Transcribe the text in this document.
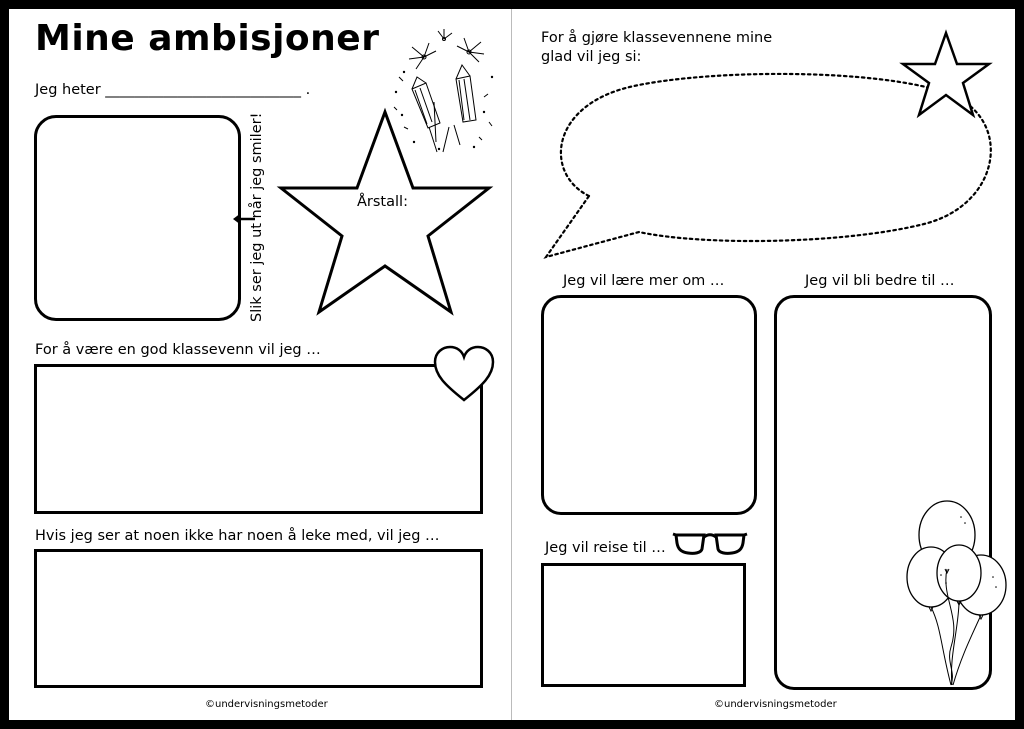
Mine ambisjoner
Jeg heter ___________________________ .
Slik ser jeg ut når jeg smiler!	Årstall:
For å være en god klassevenn vil jeg …
Hvis jeg ser at noen ikke har noen å leke med, vil jeg …
©undervisningsmetoder
For å gjøre klassevennene mine
glad vil jeg si:
Jeg vil lære mer om …	Jeg vil bli bedre til …
Jeg vil reise til …
©undervisningsmetoder
